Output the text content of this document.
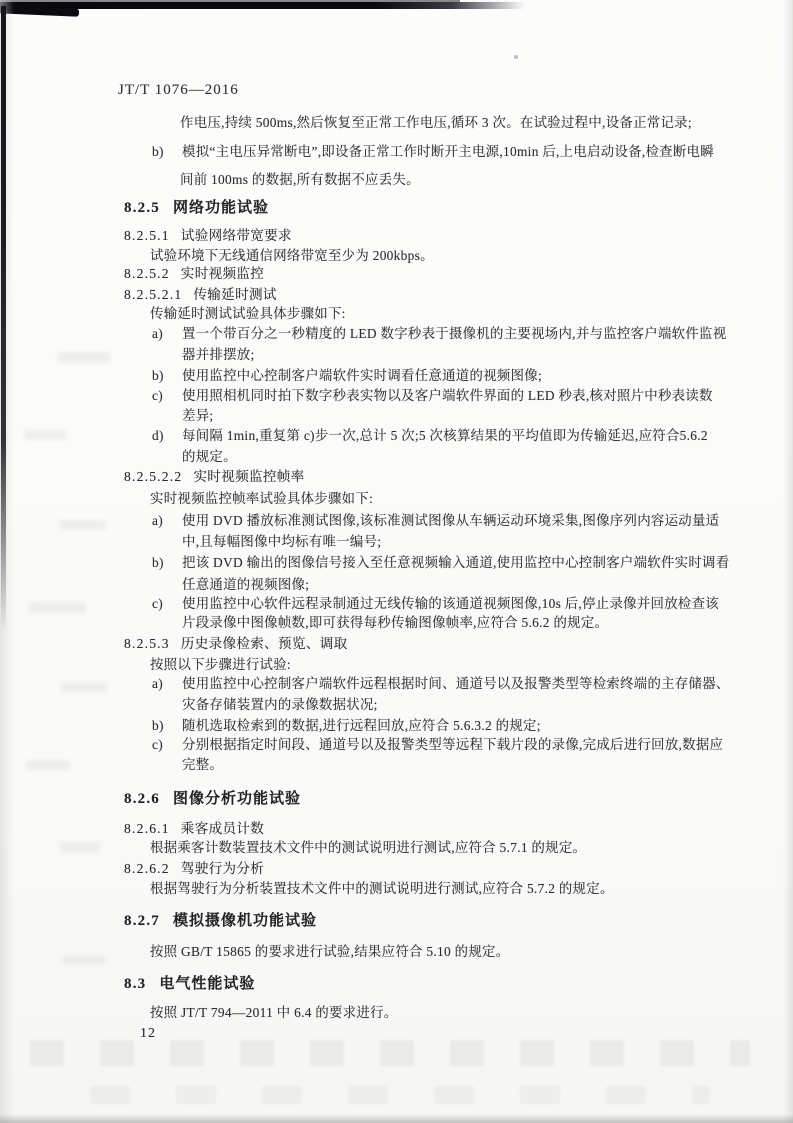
JT/T 1076—2016
作电压,持续 500ms,然后恢复至正常工作电压,循环 3 次。在试验过程中,设备正常记录;
b) 模拟“主电压异常断电”,即设备正常工作时断开主电源,10min 后,上电启动设备,检查断电瞬
间前 100ms 的数据,所有数据不应丢失。
8.2.5 网络功能试验
8.2.5.1 试验网络带宽要求
试验环境下无线通信网络带宽至少为 200kbps。
8.2.5.2 实时视频监控
8.2.5.2.1 传输延时测试
传输延时测试试验具体步骤如下:
a) 置一个带百分之一秒精度的 LED 数字秒表于摄像机的主要视场内,并与监控客户端软件监视
器并排摆放;
b) 使用监控中心控制客户端软件实时调看任意通道的视频图像;
c) 使用照相机同时拍下数字秒表实物以及客户端软件界面的 LED 秒表,核对照片中秒表读数
差异;
d) 每间隔 1min,重复第 c)步一次,总计 5 次;5 次核算结果的平均值即为传输延迟,应符合5.6.2
的规定。
8.2.5.2.2 实时视频监控帧率
实时视频监控帧率试验具体步骤如下:
a) 使用 DVD 播放标准测试图像,该标准测试图像从车辆运动环境采集,图像序列内容运动量适
中,且每幅图像中均标有唯一编号;
b) 把该 DVD 输出的图像信号接入至任意视频输入通道,使用监控中心控制客户端软件实时调看
任意通道的视频图像;
c) 使用监控中心软件远程录制通过无线传输的该通道视频图像,10s 后,停止录像并回放检查该
片段录像中图像帧数,即可获得每秒传输图像帧率,应符合 5.6.2 的规定。
8.2.5.3 历史录像检索、预览、调取
按照以下步骤进行试验:
a) 使用监控中心控制客户端软件远程根据时间、通道号以及报警类型等检索终端的主存储器、
灾备存储装置内的录像数据状况;
b) 随机选取检索到的数据,进行远程回放,应符合 5.6.3.2 的规定;
c) 分别根据指定时间段、通道号以及报警类型等远程下载片段的录像,完成后进行回放,数据应
完整。
8.2.6 图像分析功能试验
8.2.6.1 乘客成员计数
根据乘客计数装置技术文件中的测试说明进行测试,应符合 5.7.1 的规定。
8.2.6.2 驾驶行为分析
根据驾驶行为分析装置技术文件中的测试说明进行测试,应符合 5.7.2 的规定。
8.2.7 模拟摄像机功能试验
按照 GB/T 15865 的要求进行试验,结果应符合 5.10 的规定。
8.3 电气性能试验
按照 JT/T 794—2011 中 6.4 的要求进行。
12
